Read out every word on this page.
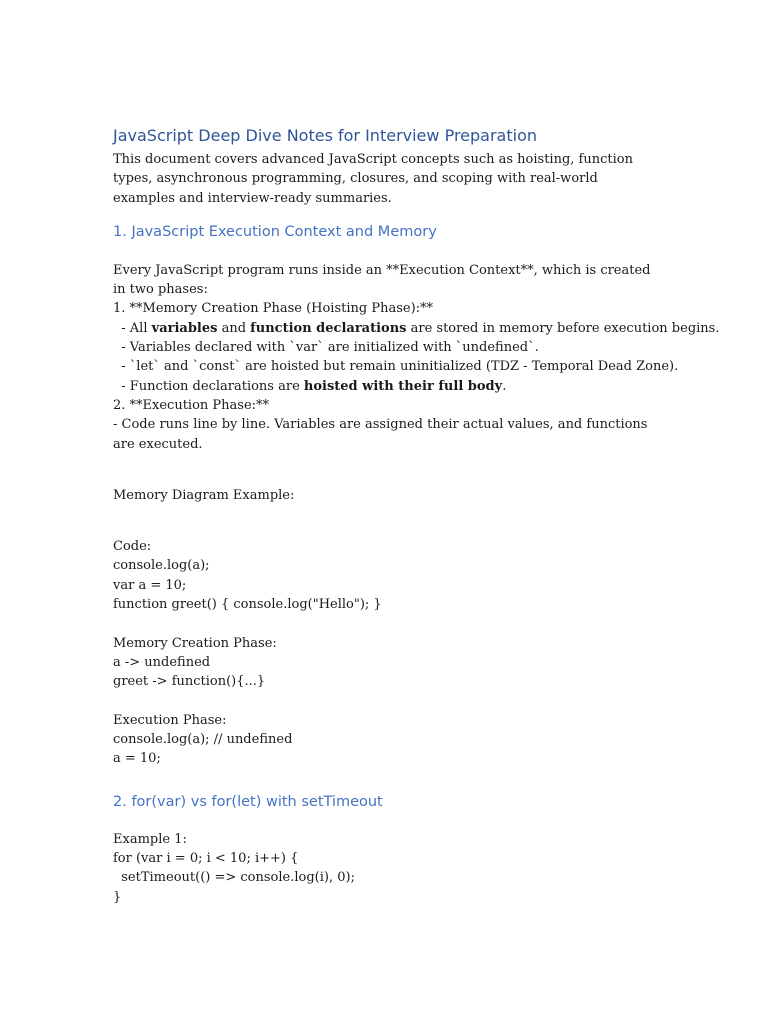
JavaScript Deep Dive Notes for Interview Preparation

This document covers advanced JavaScript concepts such as hoisting, function types, asynchronous programming, closures, and scoping with real-world examples and interview-ready summaries.

1. JavaScript Execution Context and Memory
Every JavaScript program runs inside an **Execution Context**, which is created in two phases:
1. **Memory Creation Phase (Hoisting Phase):**
- All variables and function declarations are stored in memory before execution begins.
- Variables declared with `var` are initialized with `undefined`.
- `let` and `const` are hoisted but remain uninitialized (TDZ - Temporal Dead Zone).
- Function declarations are hoisted with their full body.
2. **Execution Phase:**
- Code runs line by line. Variables are assigned their actual values, and functions are executed.
Memory Diagram Example:
Code:
console.log(a);
var a = 10;
function greet() { console.log("Hello"); }
Memory Creation Phase:
a -> undefined
greet -> function(){...}
Execution Phase:
console.log(a); // undefined
a = 10;
2. for(var) vs for(let) with setTimeout
Example 1:
for (var i = 0; i < 10; i++) {
setTimeout(() => console.log(i), 0);
}
